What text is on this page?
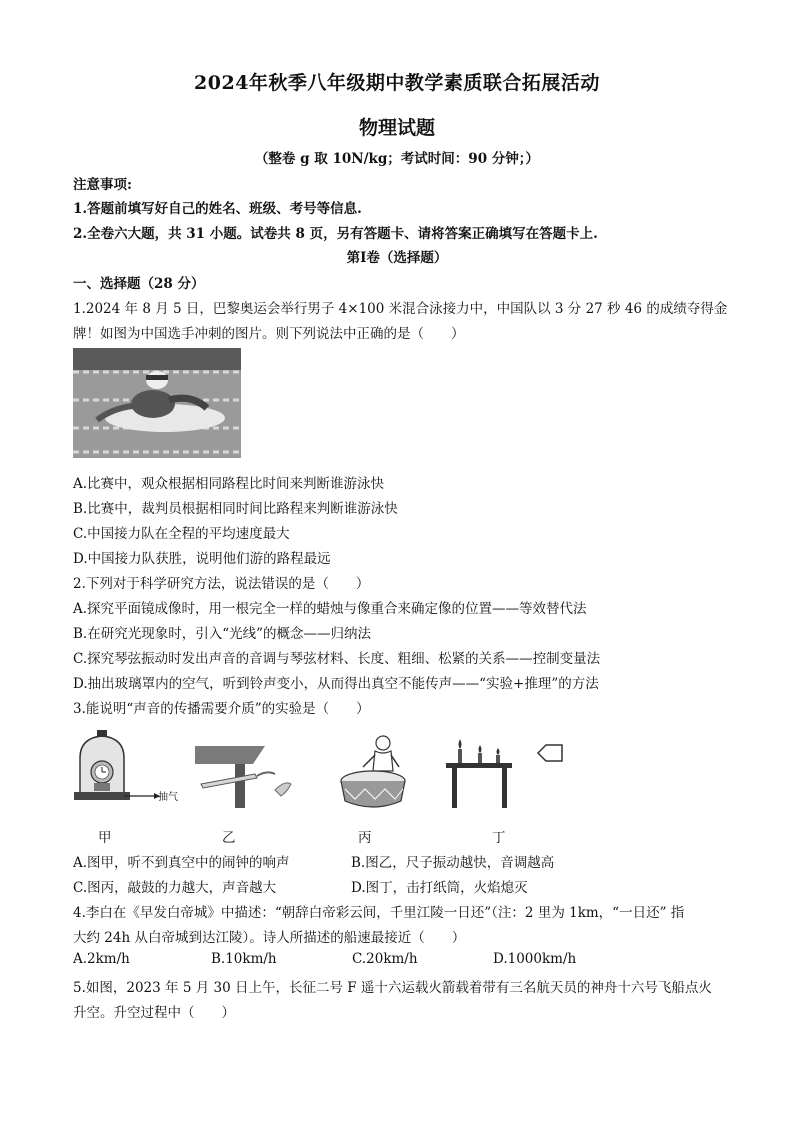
2024年秋季八年级期中教学素质联合拓展活动
物理试题
（整卷 g 取 10N/kg；考试时间：90 分钟；）
注意事项:
1.答题前填写好自己的姓名、班级、考号等信息.
2.全卷六大题，共 31 小题。试卷共 8 页，另有答题卡、请将答案正确填写在答题卡上.
第Ⅰ卷（选择题）
一、选择题（28 分）
1.2024 年 8 月 5 日，巴黎奥运会举行男子 4×100 米混合泳接力中，中国队以 3 分 27 秒 46 的成绩夺得金
牌！如图为中国选手冲刺的图片。则下列说法中正确的是（　　）
A.比赛中，观众根据相同路程比时间来判断谁游泳快
B.比赛中，裁判员根据相同时间比路程来判断谁游泳快
C.中国接力队在全程的平均速度最大
D.中国接力队获胜，说明他们游的路程最远
2.下列对于科学研究方法，说法错误的是（　　）
A.探究平面镜成像时，用一根完全一样的蜡烛与像重合来确定像的位置——等效替代法
B.在研究光现象时，引入“光线”的概念——归纳法
C.探究琴弦振动时发出声音的音调与琴弦材料、长度、粗细、松紧的关系——控制变量法
D.抽出玻璃罩内的空气，听到铃声变小，从而得出真空不能传声——“实验+推理”的方法
3.能说明“声音的传播需要介质”的实验是（　　）
抽气
甲	乙	丙	丁
A.图甲，听不到真空中的闹钟的响声	B.图乙，尺子振动越快，音调越高
C.图丙，敲鼓的力越大，声音越大	D.图丁，击打纸筒，火焰熄灭
4.李白在《早发白帝城》中描述：“朝辞白帝彩云间，千里江陵一日还”（注：2 里为 1km，“一日还” 指
大约 24h 从白帝城到达江陵）。诗人所描述的船速最接近（　　）
A.2km/h	B.10km/h	C.20km/h	D.1000km/h
5.如图，2023 年 5 月 30 日上午，长征二号 F 遥十六运载火箭载着带有三名航天员的神舟十六号飞船点火
升空。升空过程中（　　）
